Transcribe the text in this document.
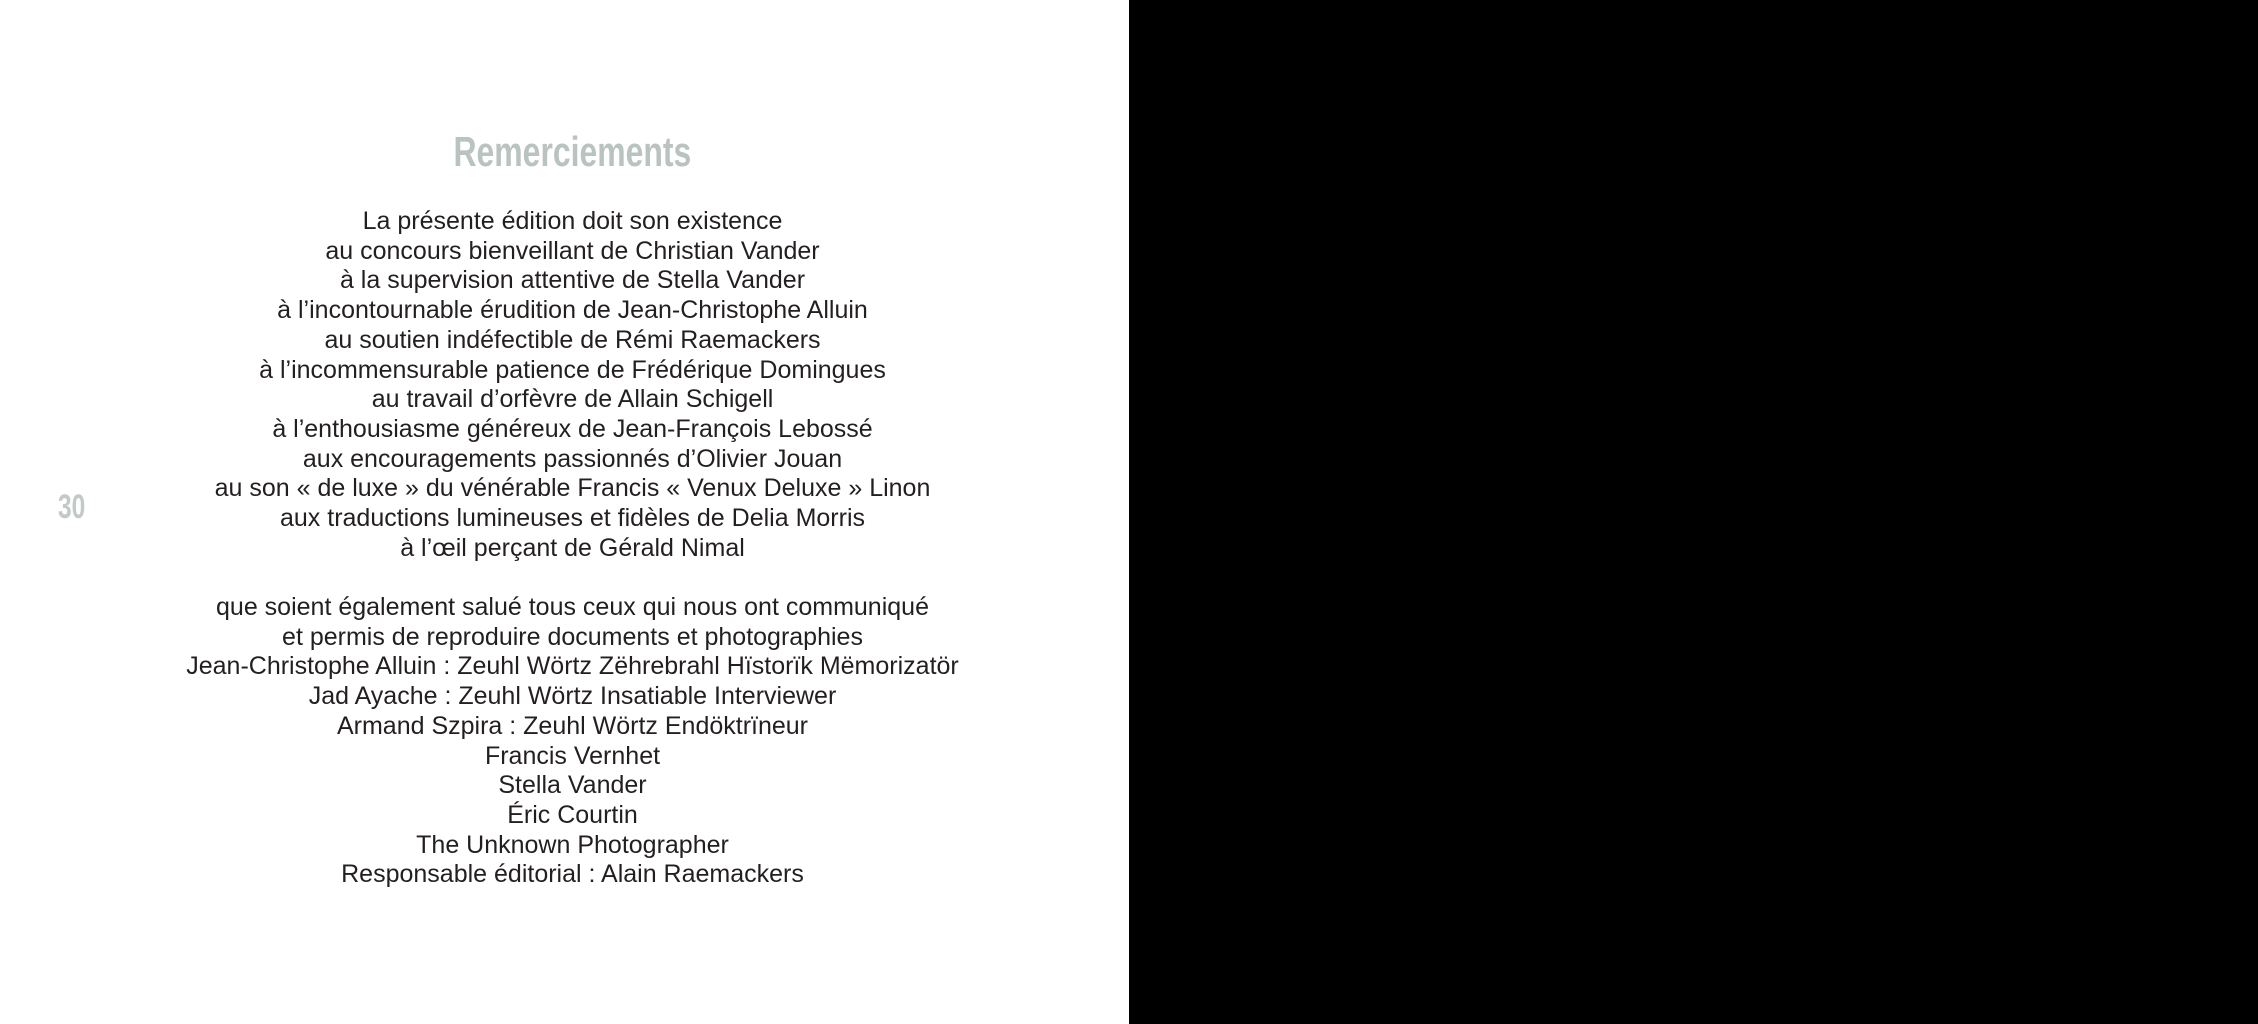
30
Remerciements
La présente édition doit son existence
au concours bienveillant de Christian Vander
à la supervision attentive de Stella Vander
à l’incontournable érudition de Jean-Christophe Alluin
au soutien indéfectible de Rémi Raemackers
à l’incommensurable patience de Frédérique Domingues
au travail d’orfèvre de Allain Schigell
à l’enthousiasme généreux de Jean-François Lebossé
aux encouragements passionnés d’Olivier Jouan
au son « de luxe » du vénérable Francis « Venux Deluxe » Linon
aux traductions lumineuses et fidèles de Delia Morris
à l’œil perçant de Gérald Nimal
que soient également salué tous ceux qui nous ont communiqué
et permis de reproduire documents et photographies
Jean-Christophe Alluin : Zeuhl Wörtz Zëhrebrahl Hïstorïk Mëmorizatör
Jad Ayache : Zeuhl Wörtz Insatiable Interviewer
Armand Szpira : Zeuhl Wörtz Endöktrïneur
Francis Vernhet
Stella Vander
Éric Courtin
The Unknown Photographer
Responsable éditorial : Alain Raemackers
